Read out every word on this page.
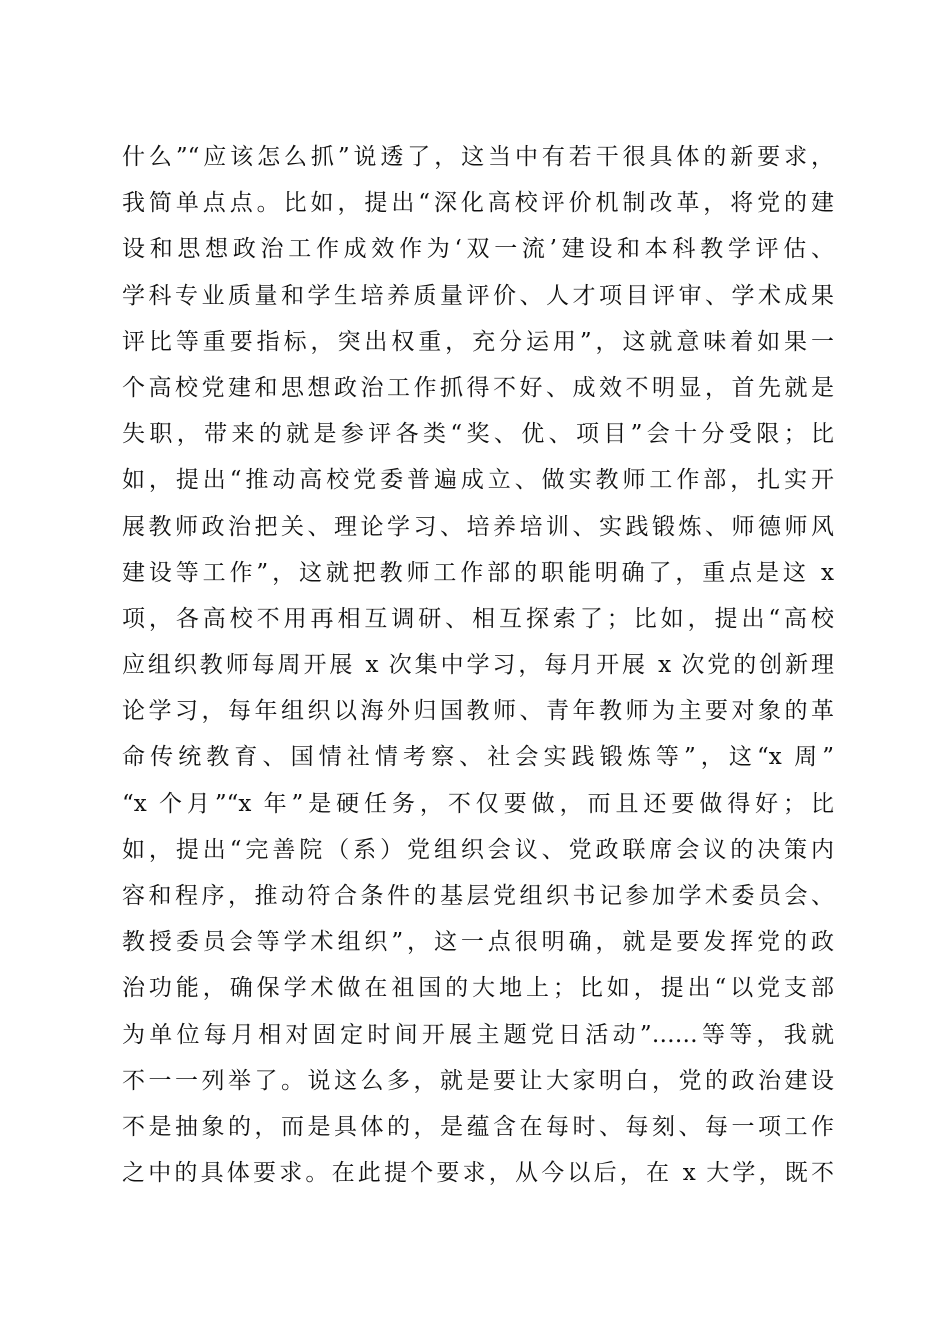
什么”“应该怎么抓”说透了，这当中有若干很具体的新要求，
我简单点点。比如，提出“深化高校评价机制改革，将党的建
设和思想政治工作成效作为‘双一流’建设和本科教学评估、
学科专业质量和学生培养质量评价、人才项目评审、学术成果
评比等重要指标，突出权重，充分运用”，这就意味着如果一
个高校党建和思想政治工作抓得不好、成效不明显，首先就是
失职，带来的就是参评各类“奖、优、项目”会十分受限；比
如，提出“推动高校党委普遍成立、做实教师工作部，扎实开
展教师政治把关、理论学习、培养培训、实践锻炼、师德师风
建设等工作”，这就把教师工作部的职能明确了，重点是这 x
项，各高校不用再相互调研、相互探索了；比如，提出“高校
应组织教师每周开展 x 次集中学习，每月开展 x 次党的创新理
论学习，每年组织以海外归国教师、青年教师为主要对象的革
命传统教育、国情社情考察、社会实践锻炼等”，这“x 周”
“x 个月”“x 年”是硬任务，不仅要做，而且还要做得好；比
如，提出“完善院（系）党组织会议、党政联席会议的决策内
容和程序，推动符合条件的基层党组织书记参加学术委员会、
教授委员会等学术组织”，这一点很明确，就是要发挥党的政
治功能，确保学术做在祖国的大地上；比如，提出“以党支部
为单位每月相对固定时间开展主题党日活动”……等等，我就
不一一列举了。说这么多，就是要让大家明白，党的政治建设
不是抽象的，而是具体的，是蕴含在每时、每刻、每一项工作
之中的具体要求。在此提个要求，从今以后，在 x 大学，既不
